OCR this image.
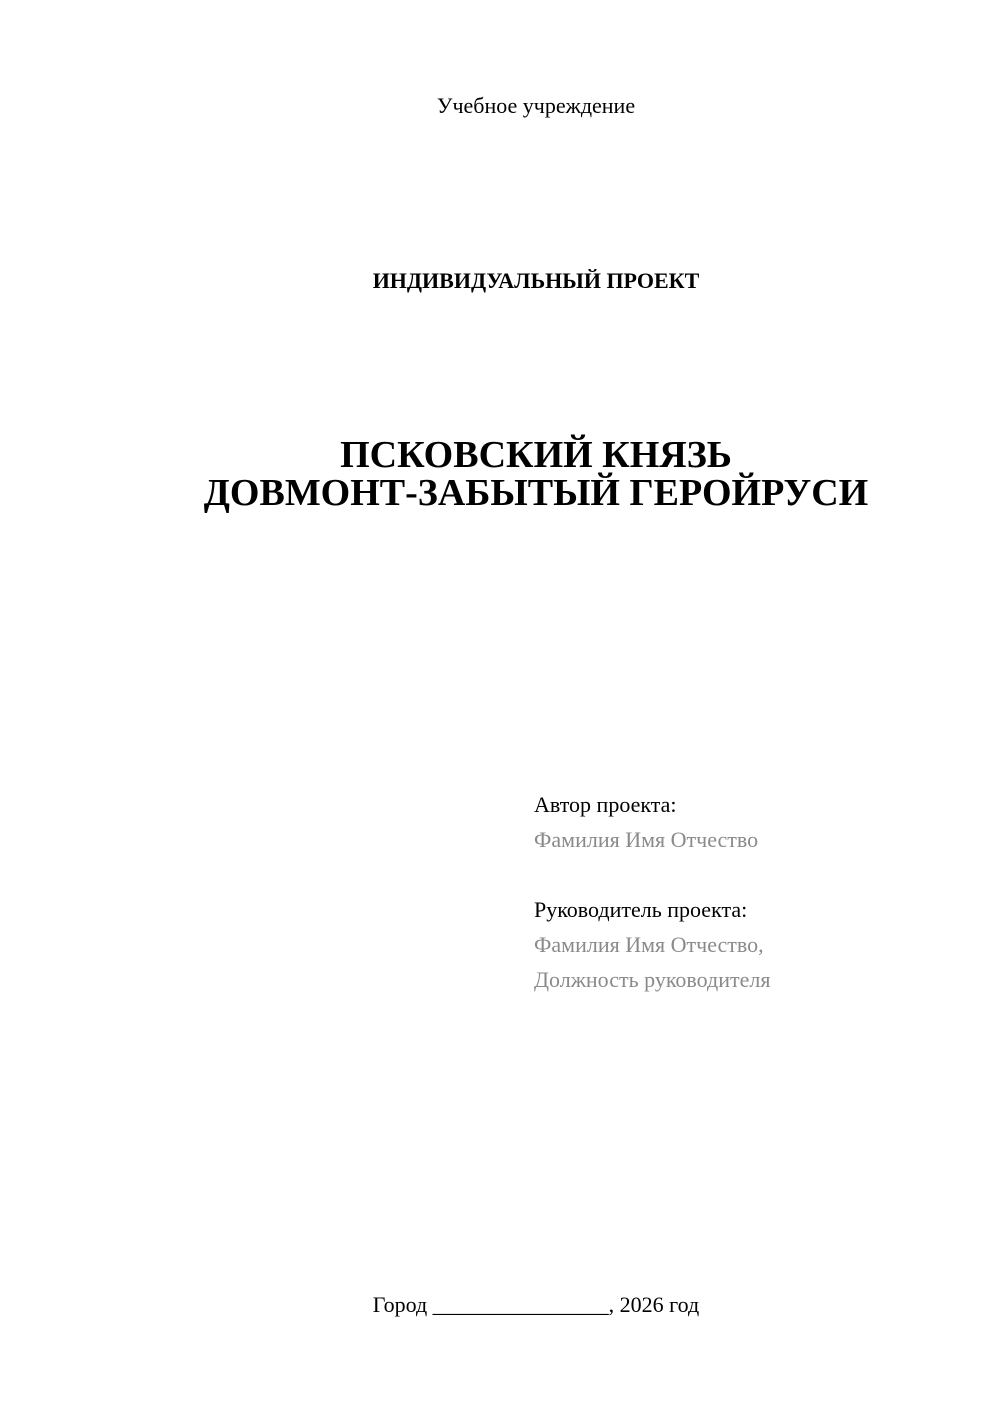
Учебное учреждение
ИНДИВИДУАЛЬНЫЙ ПРОЕКТ
ПСКОВСКИЙ КНЯЗЬ
ДОВМОНТ-ЗАБЫТЫЙ ГЕРОЙРУСИ
Автор проекта:
Фамилия Имя Отчество
Руководитель проекта:
Фамилия Имя Отчество,
Должность руководителя
Город ________________, 2026 год
